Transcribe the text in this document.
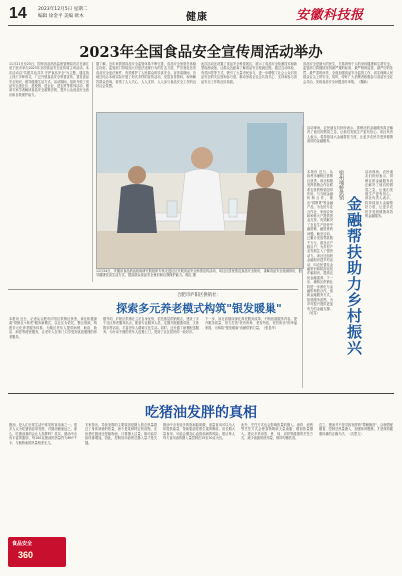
14 2023年12月5日 星期二
编辑 徐金平 美编 欧木	健康	安徽科技报
2023年全国食品安全宣传周活动举办
11月21日至25日，国家食品药品监督管理局首次在浙江省宁波市举办2023年全国食品安全宣传周主场活动。本次活动以"共建共治共享 守护食品安全"为主题，通过线上线下多种形式，广泛开展食品安全科普宣传，普及食品安全知识，倡导健康生活方式。活动期间，组织开展了食品安全进社区、进校园、进企业、进农村等系列活动，邀请专家学者解读食品安全政策法规，提升公众食品安全意识和自我保护能力。
据了解，近年来我国食品安全监管体系不断完善，食品安全形势总体稳定向好。监管部门持续加大对违法违规行为的打击力度，严厉查处各类食品安全违法案件，有效维护了人民群众的饮食安全。宣传周期间，各地还结合本地实际开展了形式多样的宣传活动，发放宣传资料，现场解答群众咨询，营造了人人关心、人人支持、人人参与食品安全工作的良好社会氛围。
此次活动还设置了食品安全科普展区，展示了食品安全检测技术和新型检测设备，让群众近距离了解食品安全检测过程。通过互动体验、有奖问答等方式，吸引了大量市民参与，进一步增强了社会公众对食品安全的关注度和参与度，推动形成全社会共同关心、支持和参与食品安全工作的良好局面。
食品安全是最大的民生，关系到每个人的身体健康和生命安全。监管部门将继续坚持最严谨的标准、最严格的监管、最严厉的处罚、最严肃的问责，全面加强食品安全监管工作，切实保障人民群众舌尖上的安全。同时，呼吁广大消费者积极参与食品安全社会共治，发现食品安全问题及时举报。（魏新）
11月24日，安徽省食品药品检验研究院组织专家走进社区开展食品安全科普宣传活动，向社区居民普及食品安全知识，讲解食品安全检测常识，倡导健康饮食生活方式，提高群众食品安全意识和自我保护能力。郭红 摄
合肥市庐阳区供销社：
探索多元养老模式构筑"银发暖巢"
本报讯 近日，记者从合肥市庐阳区供销社获悉，该社积极探索"供销社+养老"服务新模式，以社区为依托，整合资源，构建多元化养老服务体系，为辖区老年人提供助餐、助浴、助洁、助医等便民服务，让老年人在家门口享受到优质便捷的养老服务。
据介绍，庐阳区供销社立足自身优势，依托基层供销网点，建设了多个社区养老服务站点，配备专业服务人员，定期开展健康讲座、文体娱乐等活动，丰富老年人精神文化生活。同时，还开通了助餐配送服务，为行动不便的老年人送餐上门，受到了社区居民的一致好评。
下一步，该社将继续深化养老服务改革，不断拓展服务内容，提升服务质量，努力打造"老有所养、老有所依、老有所乐"的幸福家园，为构筑"银发暖巢"贡献供销力量。（张显华）
活动现场，农民朋友们纷纷表示，供销社的金融服务真正解决了他们的燃眉之急，让他们发展生产更有信心。该社负责人表示，将持续加大金融帮扶力度，让更多农民享受到便捷高效的金融服务。
宿州埇桥供销
金融帮扶助力乡村振兴
本报讯 近日，从宿州市埇桥区供销社获悉，该社积极发挥供销合作社联系农民的桥梁纽带作用，与当地金融机构合作，推出"供销贷"等金融产品，为农民专业合作社、家庭农场和种养大户提供资金支持，有效解决了农业生产经营中融资难、融资贵的问题。截至目前，已累计发放贷款数千万元，惠及农户数百户，为乡村产业发展注入了强劲动力。该社还组织金融知识进乡村活动，向农民普及金融常识和防范电信诈骗知识，提高农民金融素养。下一步，埇桥区供销社将进一步深化与金融机构的合作，创新金融服务方式，拓展服务范围，为乡村振兴提供更加有力的金融支撑。（吴雪）
活动现场，农民朋友们纷纷表示，供销社的金融服务真正解决了他们的燃眉之急，让他们发展生产更有信心。该社负责人表示，将持续加大金融帮扶力度，让更多农民享受到便捷高效的金融服务。
吃猪油发胖的真相
猪油，是人们日常生活中常见的食用油之一。很多人认为吃猪油容易发胖，对猪油避而远之。那么，吃猪油真的会让人发胖吗？其实，猪油中含有丰富的脂肪，每100克猪油的热量约为897千卡，与植物油的热量相差无几。
专家指出，导致发胖的主要原因是摄入的总热量超过了身体消耗的热量，而不是某种特定的食物。无论是吃猪油还是植物油，只要摄入过量，都可能导致体重增加。因此，控制食用油的总摄入量才是关键。
猪油中含有较多的饱和脂肪酸，适量食用可以为人体提供能量，帮助脂溶性维生素的吸收。但长期大量食用，可能会增加心血管疾病的风险。建议每人每天食用油的摄入量控制在25至30克为宜。
此外，烹饪方式也会影响热量的摄入。油炸、油煎等烹饪方式会使食物吸收大量油脂，增加热量摄入。建议多采用蒸、煮、炖、凉拌等健康的烹饪方式，减少油脂的使用量，保持均衡饮食。
总之，猪油并不是导致发胖的"罪魁祸首"，合理搭配膳食、控制总热量摄入、加强体育锻炼，才是保持健康体重的正确方法。（沈思文）
食品安全
360
